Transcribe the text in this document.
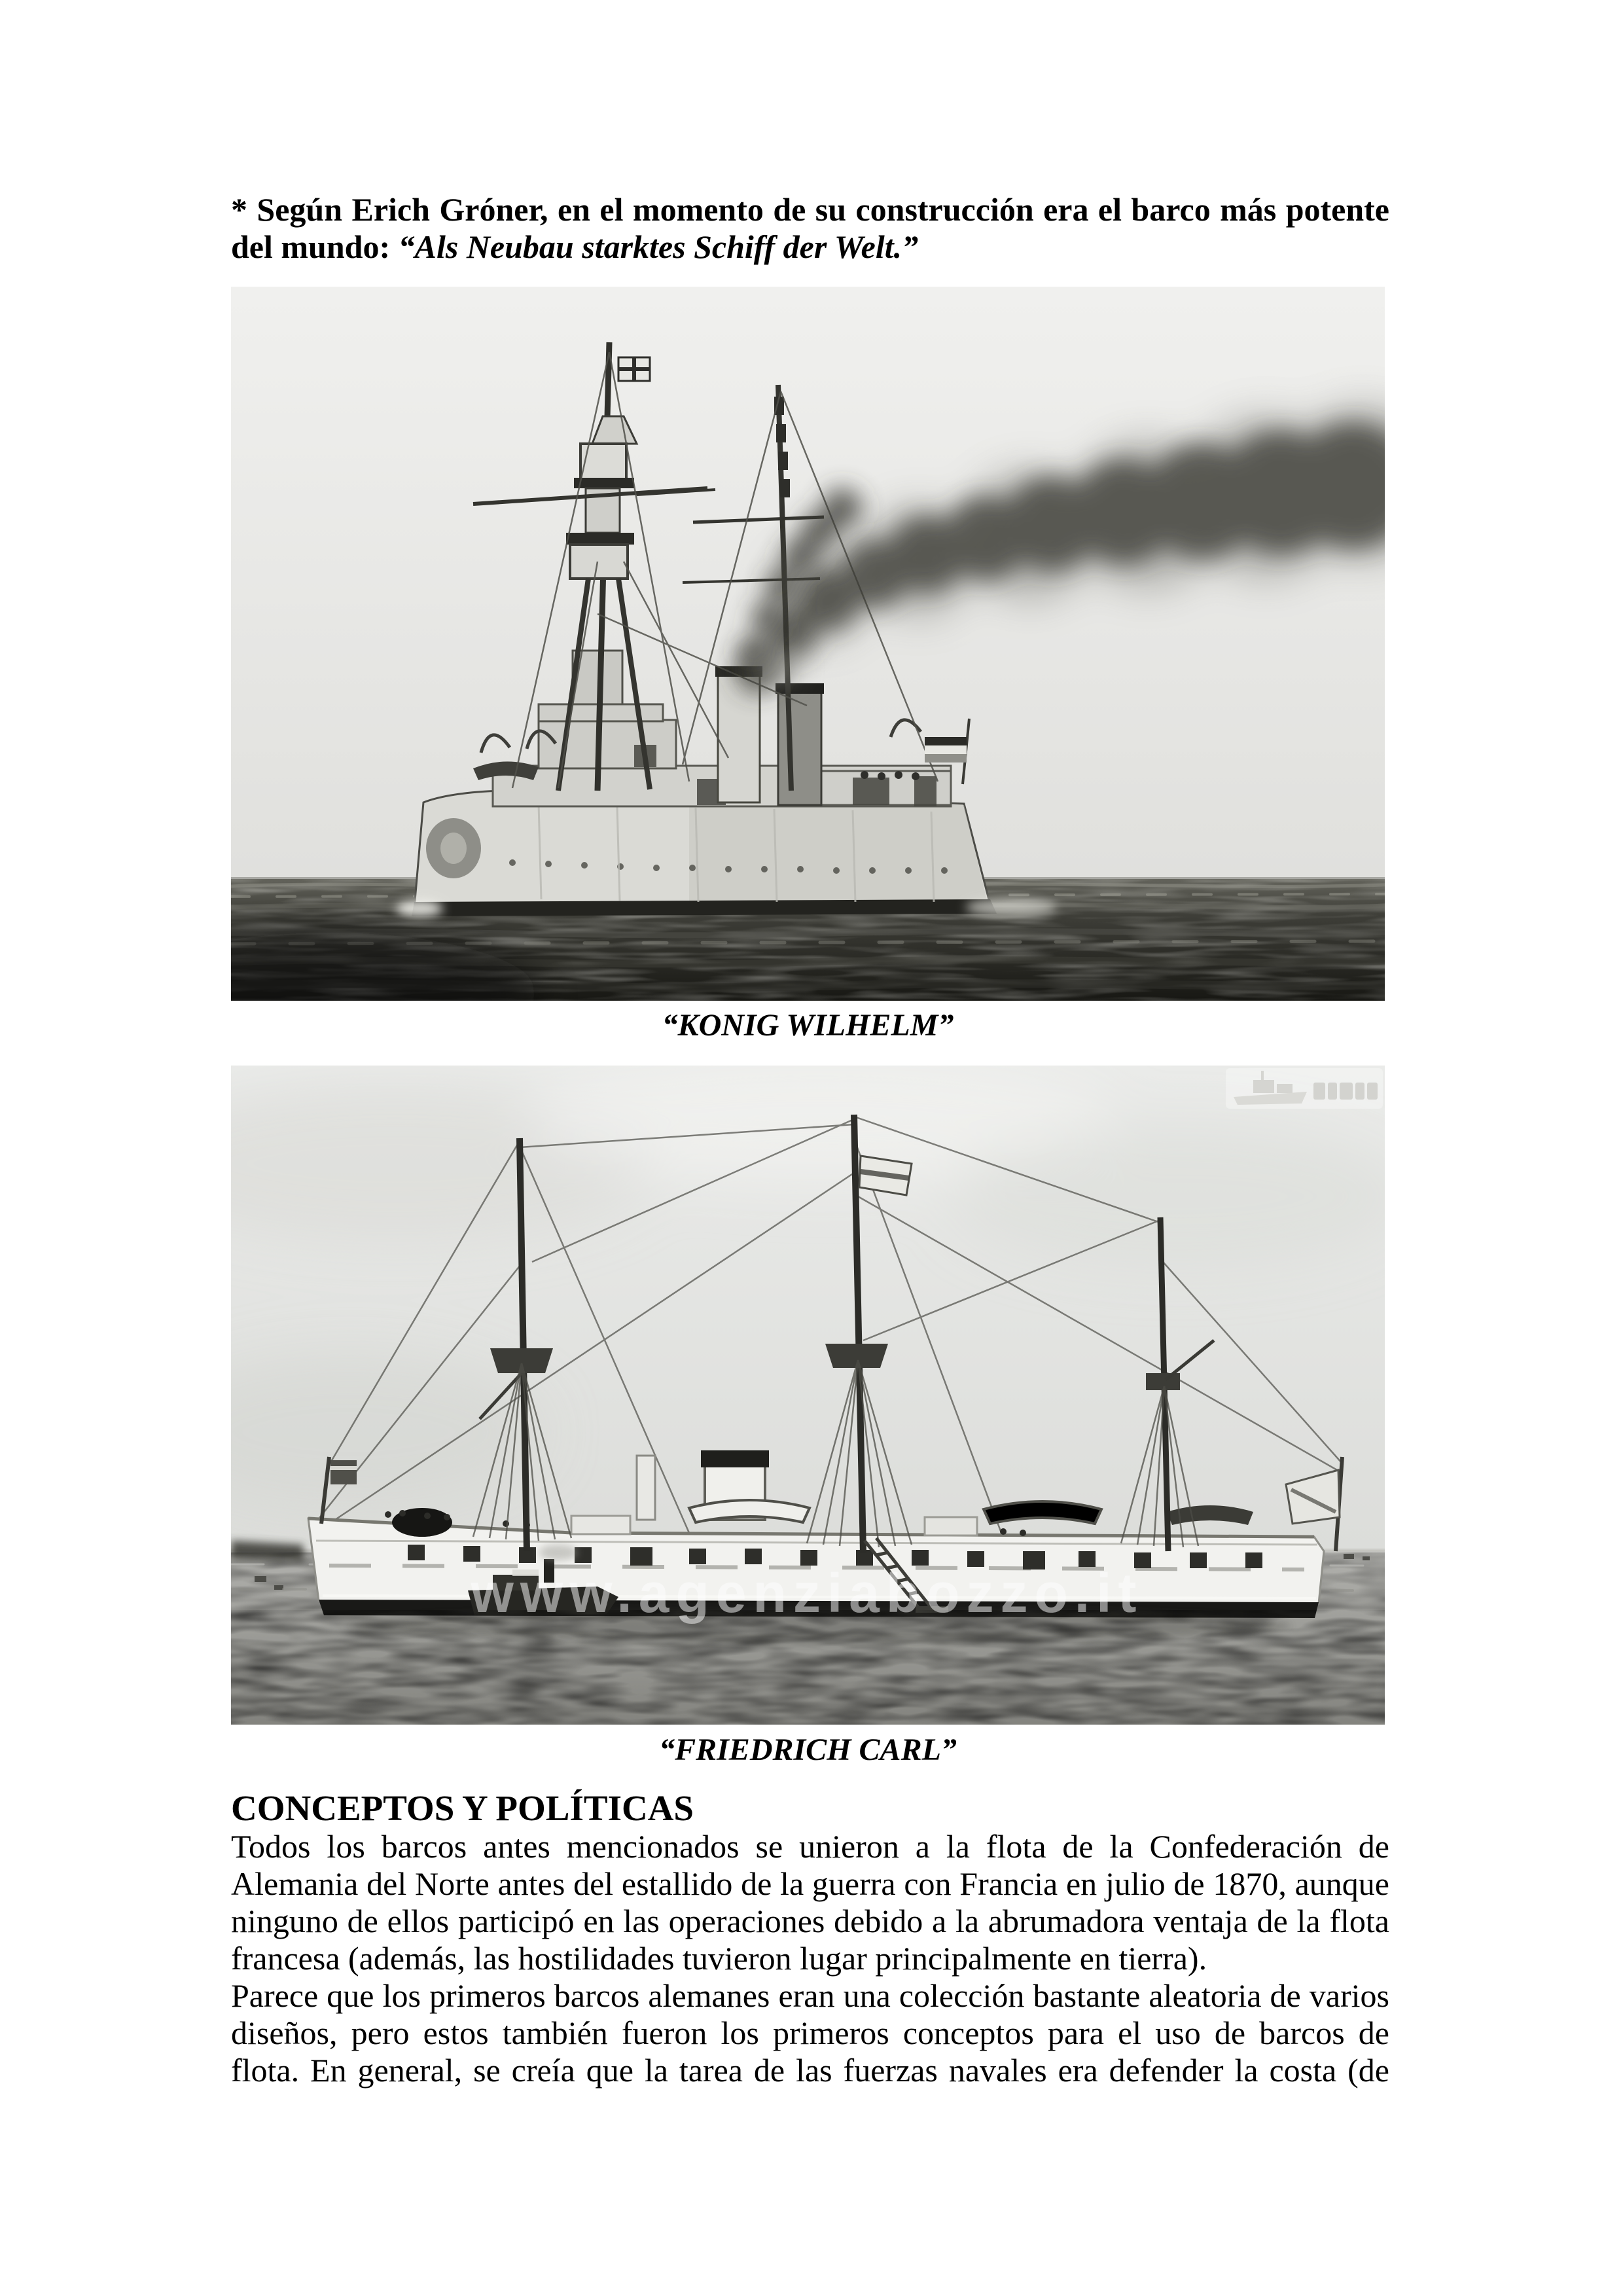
* Según Erich Gróner, en el momento de su construcción era el barco más potente del mundo: “Als Neubau starktes Schiff der Welt.”

“KONIG WILHELM”
www.agenziabozzo.it
“FRIEDRICH CARL”
CONCEPTOS Y POLÍTICAS

Todos los barcos antes mencionados se unieron a la flota de la Confederación de Alemania del Norte antes del estallido de la guerra con Francia en julio de 1870, aunque ninguno de ellos participó en las operaciones debido a la abrumadora ventaja de la flota francesa (además, las hostilidades tuvieron lugar principalmente en tierra).

Parece que los primeros barcos alemanes eran una colección bastante aleatoria de varios diseños, pero estos también fueron los primeros conceptos para el uso de barcos de flota. En general, se creía que la tarea de las fuerzas navales era defender la costa (de
